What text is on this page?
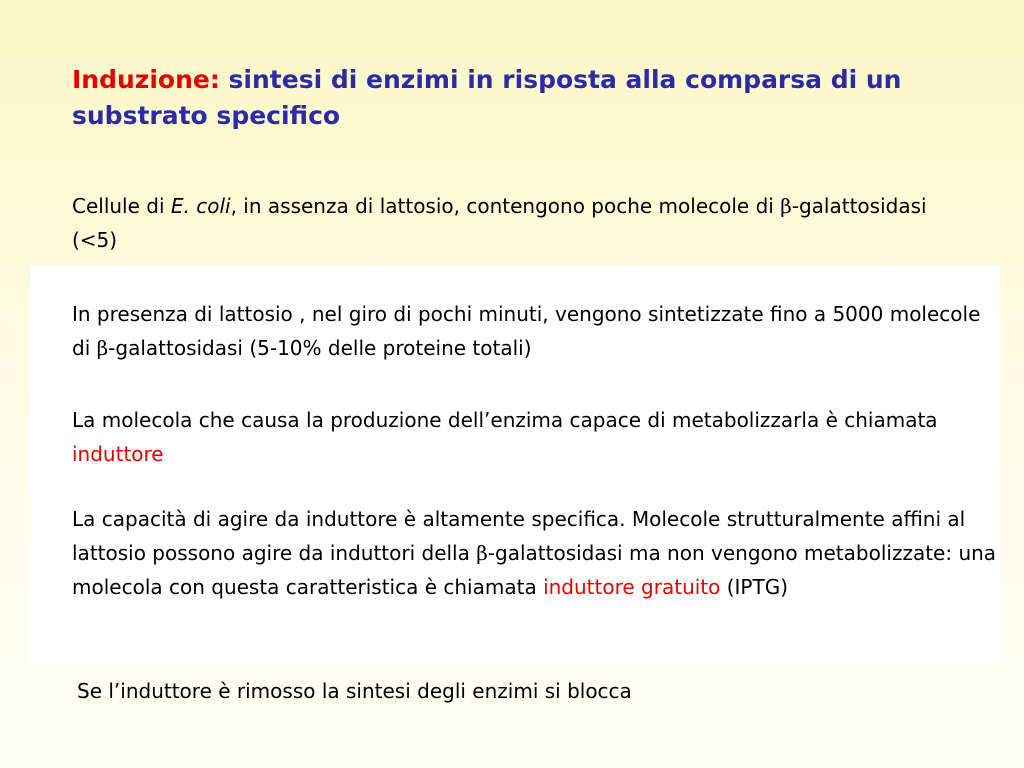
Induzione: sintesi di enzimi in risposta alla comparsa di un substrato specifico

Cellule di E. coli, in assenza di lattosio, contengono poche molecole di β-galattosidasi (<5)

In presenza di lattosio , nel giro di pochi minuti, vengono sintetizzate fino a 5000 molecole di β-galattosidasi (5-10% delle proteine totali)

La molecola che causa la produzione dell’enzima capace di metabolizzarla è chiamata induttore

La capacità di agire da induttore è altamente specifica. Molecole strutturalmente affini al lattosio possono agire da induttori della β-galattosidasi ma non vengono metabolizzate: una molecola con questa caratteristica è chiamata induttore gratuito (IPTG)

Se l’induttore è rimosso la sintesi degli enzimi si blocca
